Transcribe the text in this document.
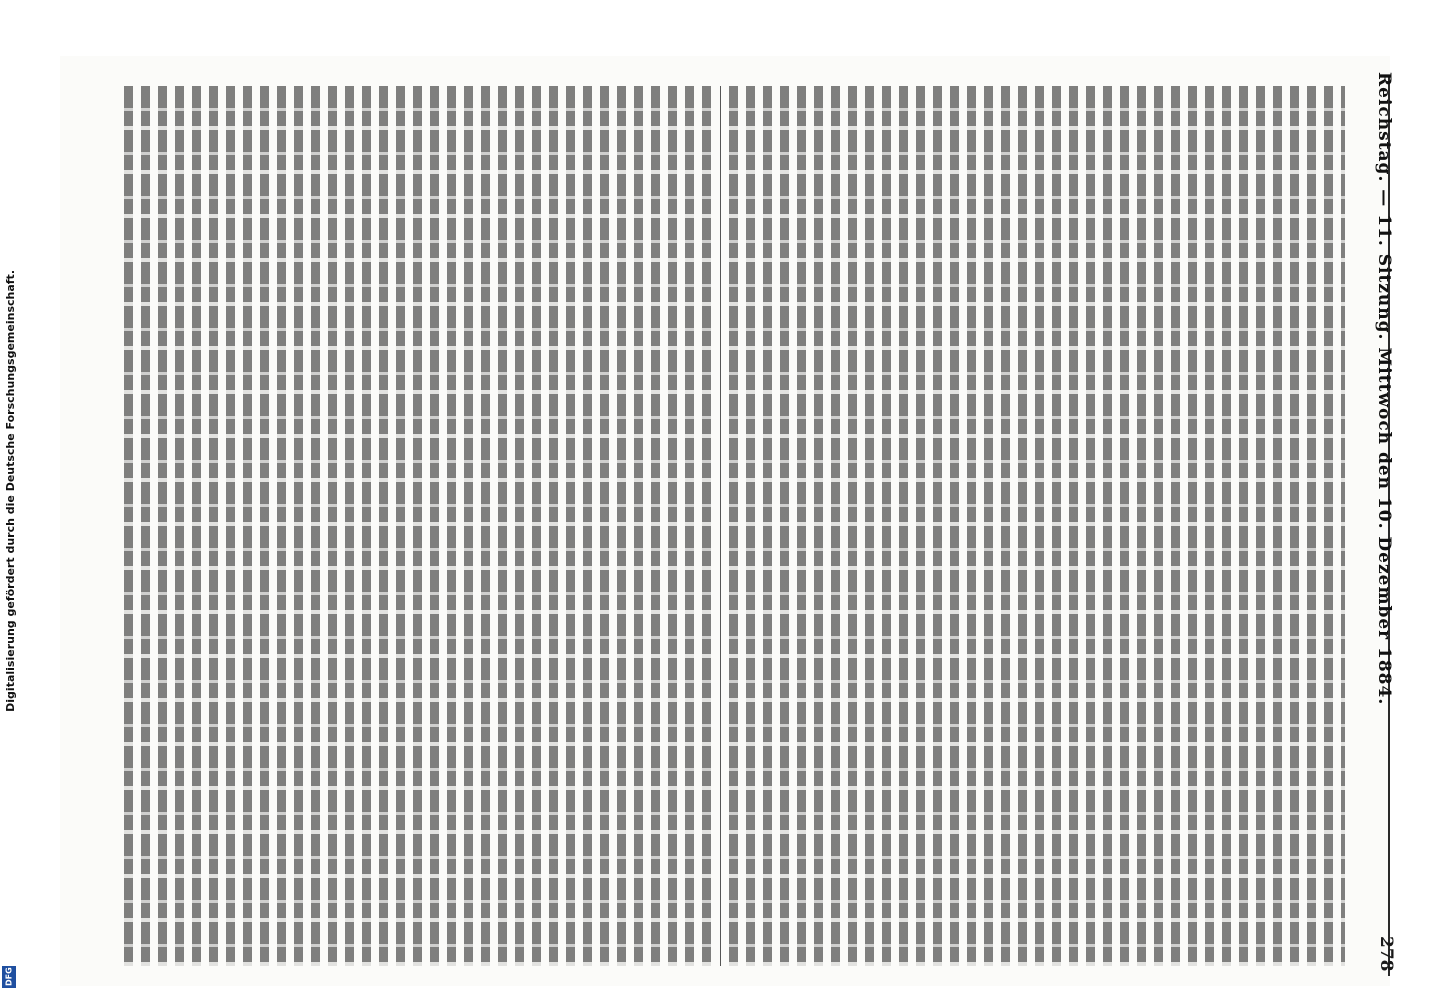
Digitalisierung gefördert durch die Deutsche Forschungsgemeinschaft.
DFG
Reichstag. — 11. Sitzung. Mittwoch den 10. Dezember 1884.
278
